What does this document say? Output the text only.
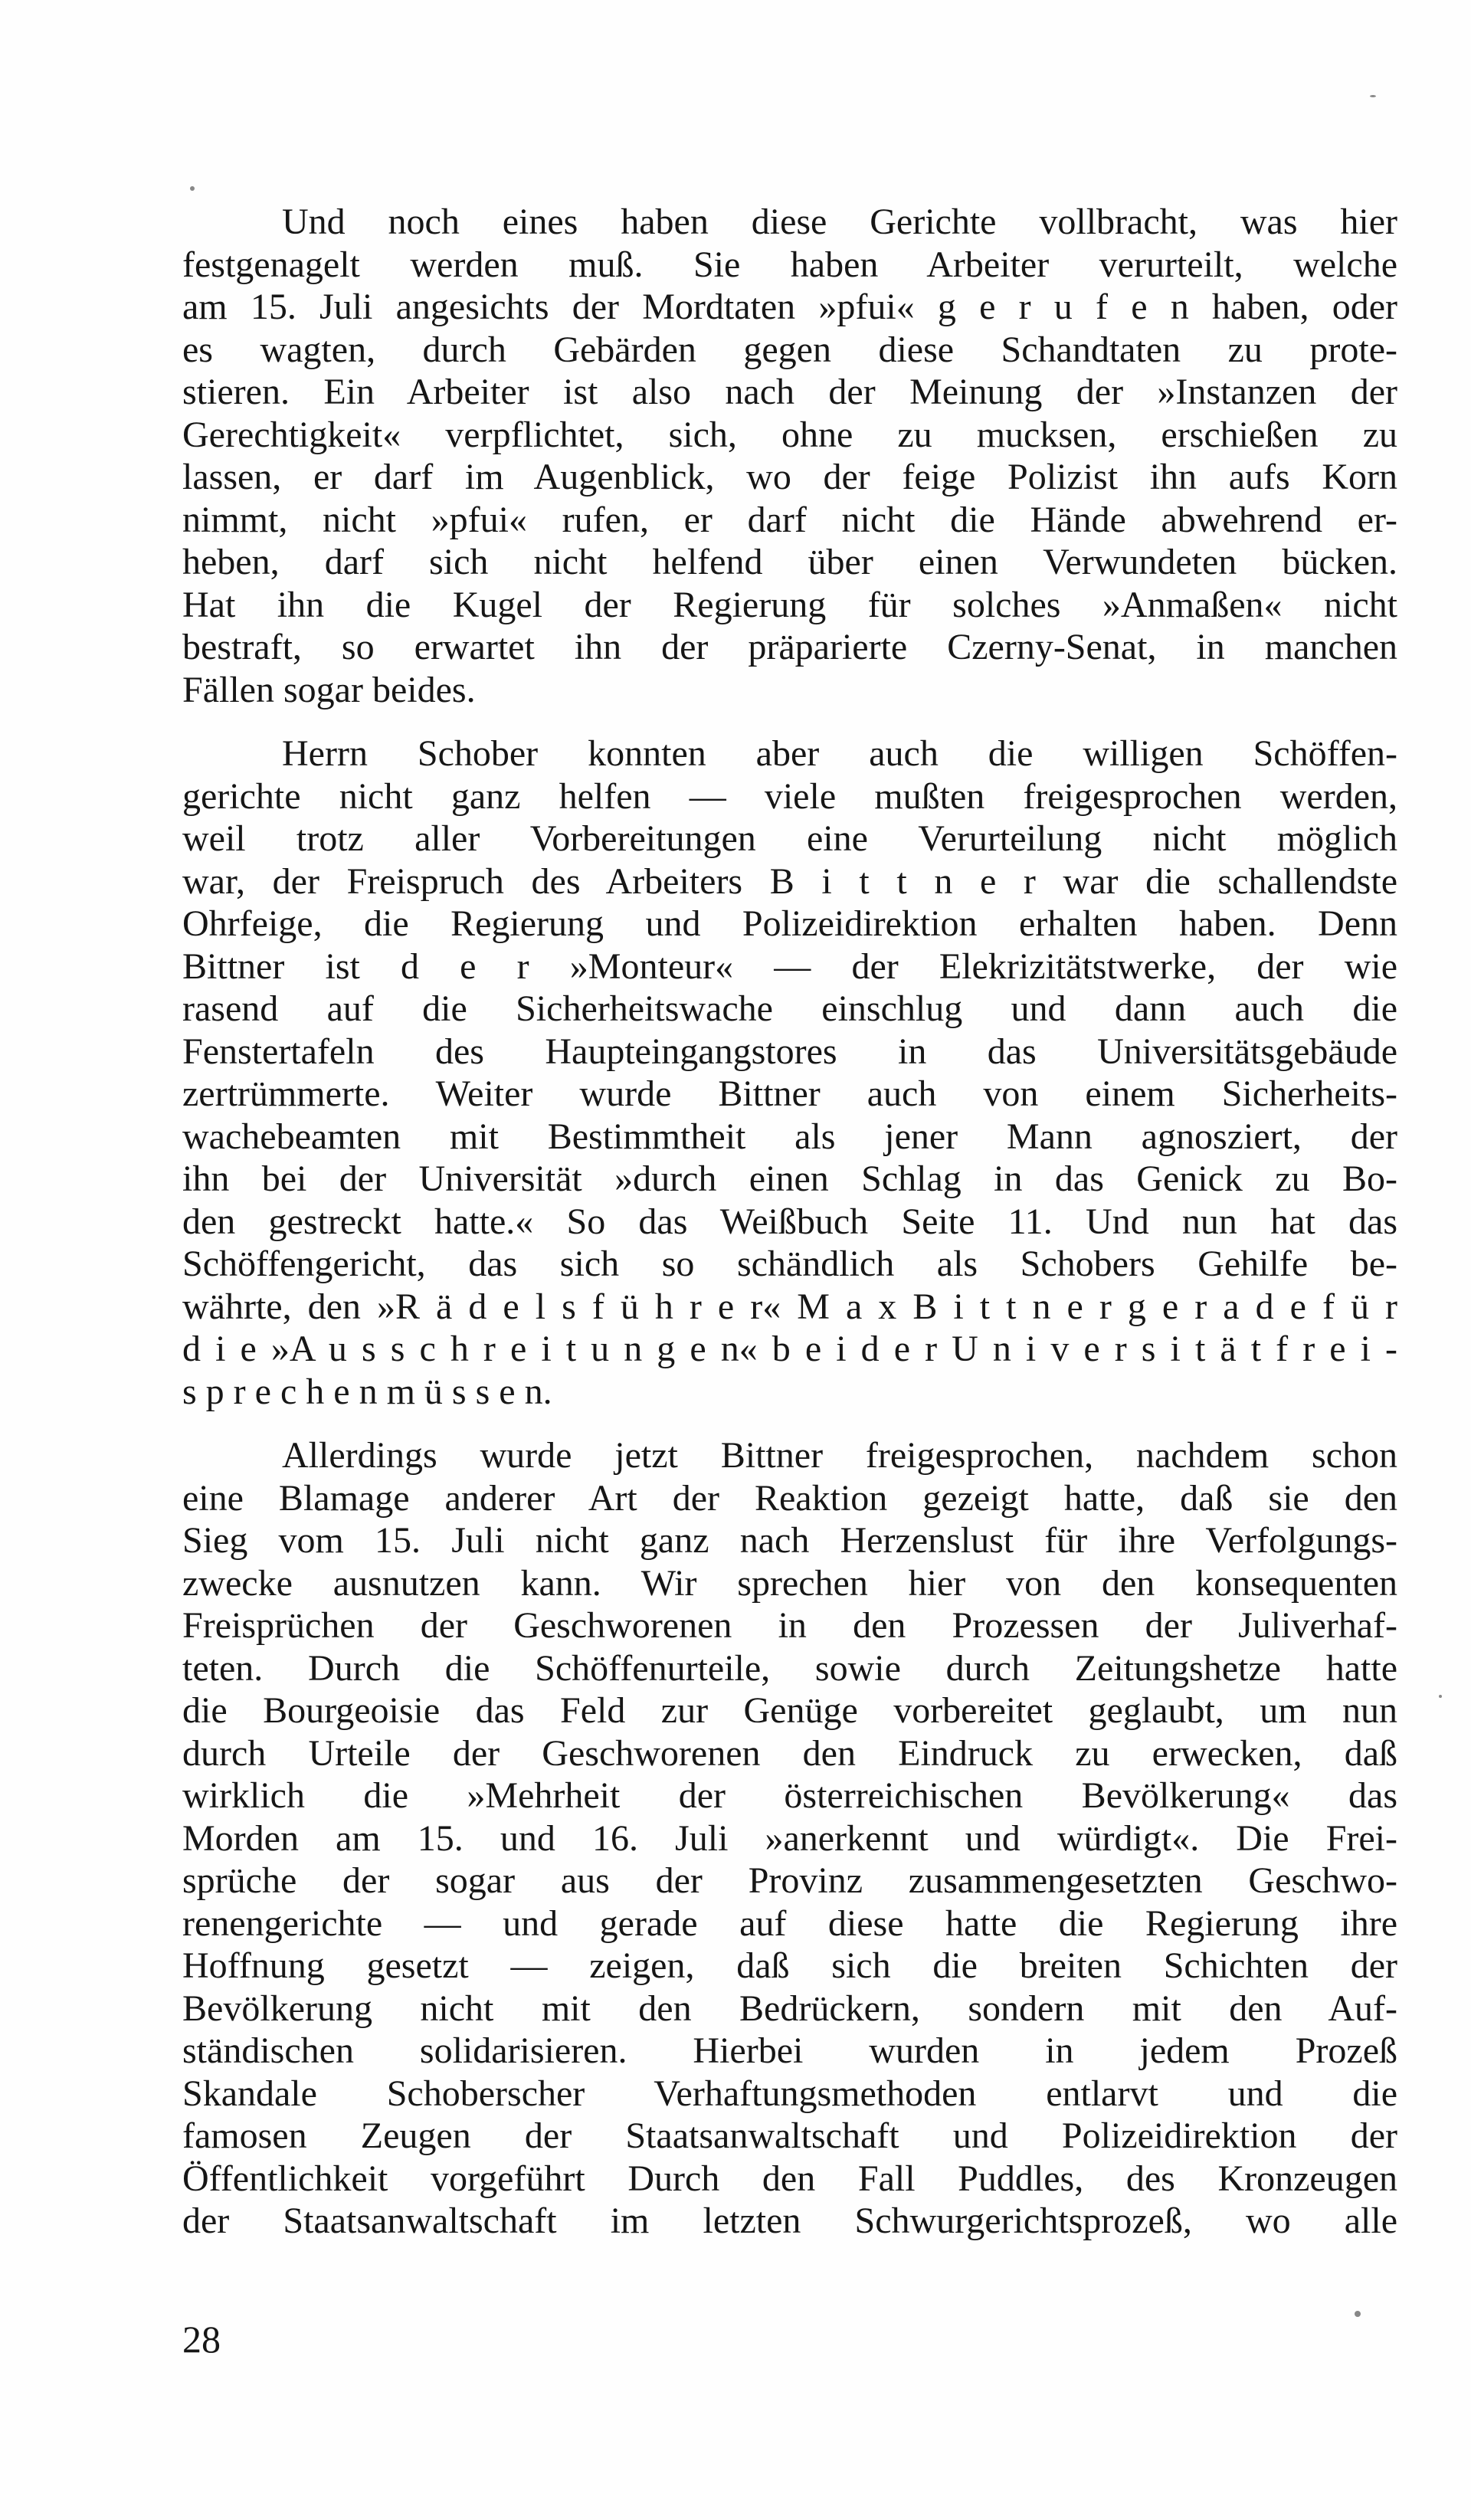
Und noch eines haben diese Gerichte vollbracht, was hier
festgenagelt werden muß. Sie haben Arbeiter verurteilt, welche
am 15. Juli angesichts der Mordtaten »pfui« g e r u f e n haben, oder
es wagten, durch Gebärden gegen diese Schandtaten zu prote-
stieren. Ein Arbeiter ist also nach der Meinung der »Instanzen der
Gerechtigkeit« verpflichtet, sich, ohne zu mucksen, erschießen zu
lassen, er darf im Augenblick, wo der feige Polizist ihn aufs Korn
nimmt, nicht »pfui« rufen, er darf nicht die Hände abwehrend er-
heben, darf sich nicht helfend über einen Verwundeten bücken.
Hat ihn die Kugel der Regierung für solches »Anmaßen« nicht
bestraft, so erwartet ihn der präparierte Czerny-Senat, in manchen
Fällen sogar beides.

Herrn Schober konnten aber auch die willigen Schöffen-
gerichte nicht ganz helfen — viele mußten freigesprochen werden,
weil trotz aller Vorbereitungen eine Verurteilung nicht möglich
war, der Freispruch des Arbeiters B i t t n e r war die schallendste
Ohrfeige, die Regierung und Polizeidirektion erhalten haben. Denn
Bittner ist d e r »Monteur« — der Elekrizitätstwerke, der wie
rasend auf die Sicherheitswache einschlug und dann auch die
Fenstertafeln des Haupteingangstores in das Universitätsgebäude
zertrümmerte. Weiter wurde Bittner auch von einem Sicherheits-
wachebeamten mit Bestimmtheit als jener Mann agnosziert, der
ihn bei der Universität »durch einen Schlag in das Genick zu Bo-
den gestreckt hatte.« So das Weißbuch Seite 11. Und nun hat das
Schöffengericht, das sich so schändlich als Schobers Gehilfe be-
währte, den »R ä d e l s f ü h r e r« M a x B i t t n e r g e r a d e f ü r
d i e »A u s s c h r e i t u n g e n« b e i d e r U n i v e r s i t ä t f r e i -
s p r e c h e n m ü s s e n.

Allerdings wurde jetzt Bittner freigesprochen, nachdem schon
eine Blamage anderer Art der Reaktion gezeigt hatte, daß sie den
Sieg vom 15. Juli nicht ganz nach Herzenslust für ihre Verfolgungs-
zwecke ausnutzen kann. Wir sprechen hier von den konsequenten
Freisprüchen der Geschworenen in den Prozessen der Juliverhaf-
teten. Durch die Schöffenurteile, sowie durch Zeitungshetze hatte
die Bourgeoisie das Feld zur Genüge vorbereitet geglaubt, um nun
durch Urteile der Geschworenen den Eindruck zu erwecken, daß
wirklich die »Mehrheit der österreichischen Bevölkerung« das
Morden am 15. und 16. Juli »anerkennt und würdigt«. Die Frei-
sprüche der sogar aus der Provinz zusammengesetzten Geschwo-
renengerichte — und gerade auf diese hatte die Regierung ihre
Hoffnung gesetzt — zeigen, daß sich die breiten Schichten der
Bevölkerung nicht mit den Bedrückern, sondern mit den Auf-
ständischen solidarisieren. Hierbei wurden in jedem Prozeß
Skandale Schoberscher Verhaftungsmethoden entlarvt und die
famosen Zeugen der Staatsanwaltschaft und Polizeidirektion der
Öffentlichkeit vorgeführt Durch den Fall Puddles, des Kronzeugen
der Staatsanwaltschaft im letzten Schwurgerichtsprozeß, wo alle

28
